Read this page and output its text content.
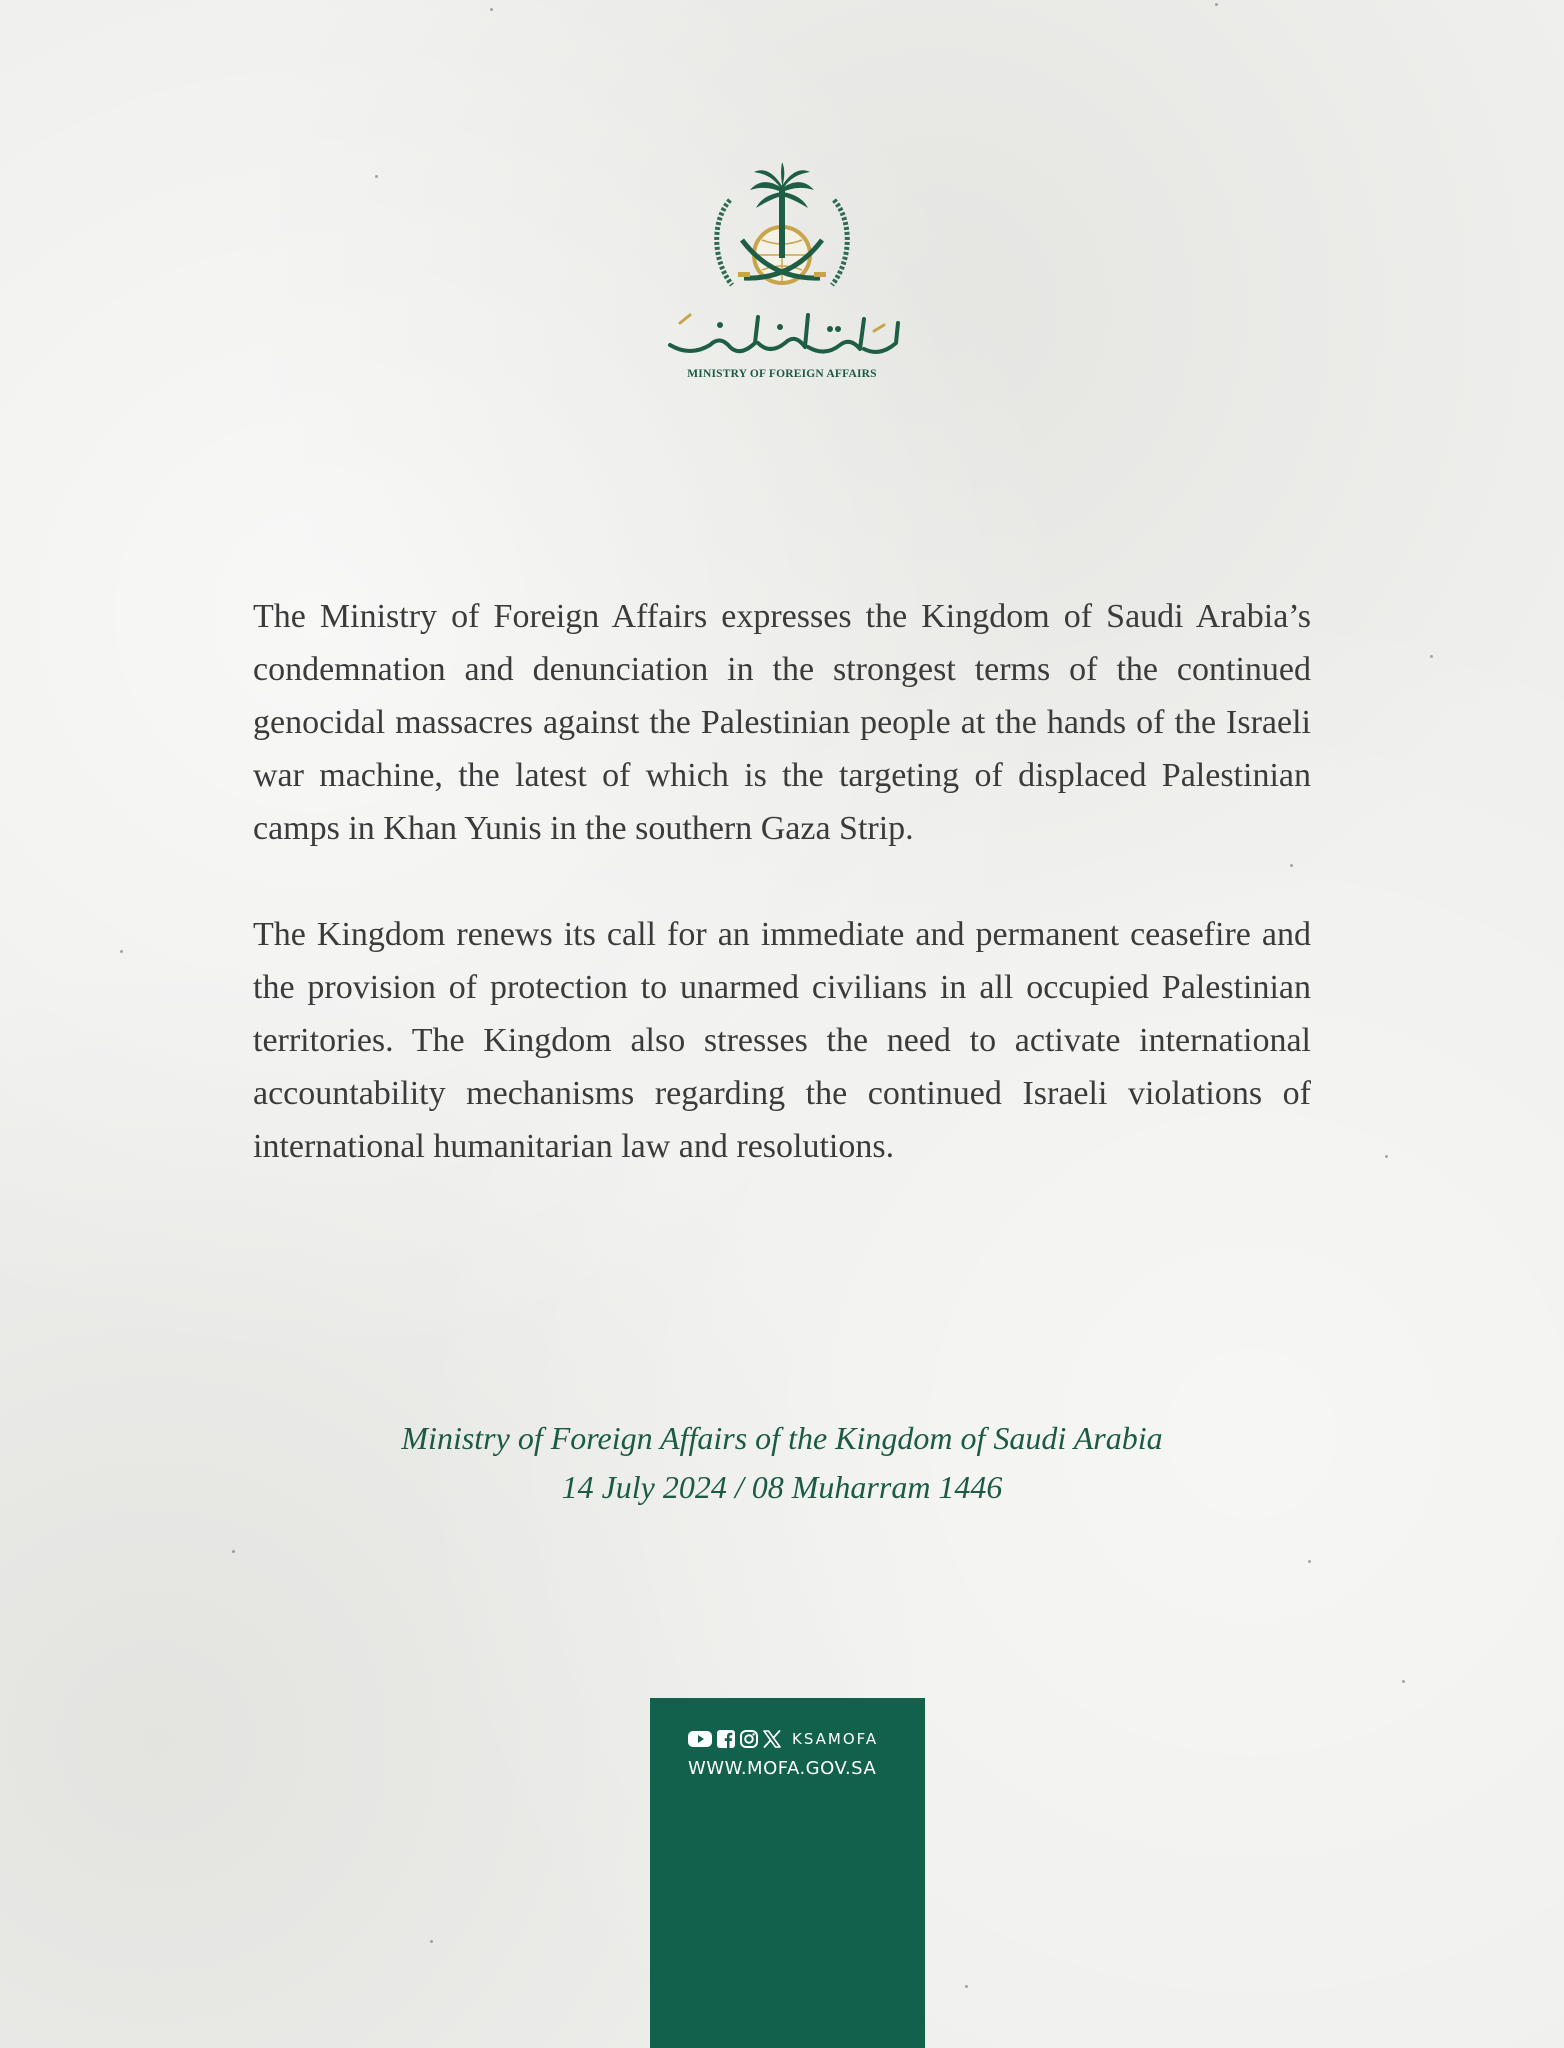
MINISTRY OF FOREIGN AFFAIRS

The Ministry of Foreign Affairs expresses the Kingdom of Saudi Arabia’s condemnation and denunciation in the strongest terms of the continued genocidal massacres against the Palestinian people at the hands of the Israeli war machine, the latest of which is the targeting of displaced Palestinian camps in Khan Yunis in the southern Gaza Strip.

The Kingdom renews its call for an immediate and permanent ceasefire and the provision of protection to unarmed civilians in all occupied Palestinian territories. The Kingdom also stresses the need to activate international accountability mechanisms regarding the continued Israeli violations of international humanitarian law and resolutions.

Ministry of Foreign Affairs of the Kingdom of Saudi Arabia
14 July 2024 / 08 Muharram 1446
KSAMOFA
WWW.MOFA.GOV.SA
